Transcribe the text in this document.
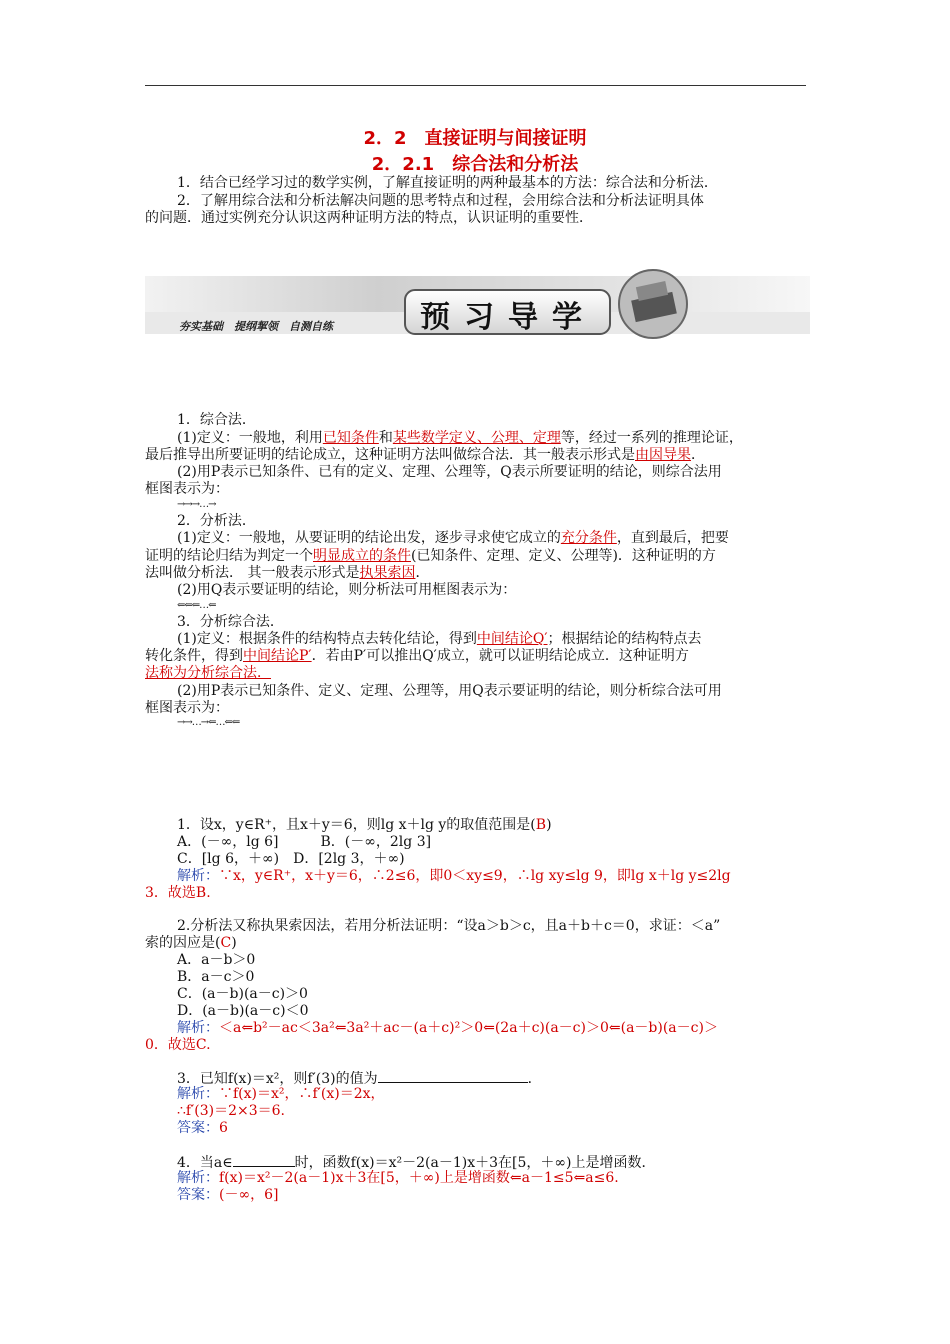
2．2　直接证明与间接证明
2．2.1　综合法和分析法
1．结合已经学习过的数学实例，了解直接证明的两种最基本的方法：综合法和分析法．
2．了解用综合法和分析法解决问题的思考特点和过程，会用综合法和分析法证明具体
的问题．通过实例充分认识这两种证明方法的特点，认识证明的重要性．
夯实基础　提纲挈领　自测自练	预习导学
1．综合法．
(1)定义：一般地，利用已知条件和某些数学定义、公理、定理等，经过一系列的推理论证，
最后推导出所要证明的结论成立，这种证明方法叫做综合法．其一般表示形式是由因导果．
(2)用P表示已知条件、已有的定义、定理、公理等，Q表示所要证明的结论，则综合法用
框图表示为：
→→→…→
2．分析法．
(1)定义：一般地，从要证明的结论出发，逐步寻求使它成立的充分条件，直到最后，把要
证明的结论归结为判定一个明显成立的条件(已知条件、定理、定义、公理等)．这种证明的方
法叫做分析法． 其一般表示形式是执果索因．
(2)用Q表示要证明的结论，则分析法可用框图表示为：
⇐⇐⇐…⇐
3．分析综合法．
(1)定义：根据条件的结构特点去转化结论，得到中间结论Q′；根据结论的结构特点去
转化条件，得到中间结论P′．若由P′可以推出Q′成立，就可以证明结论成立．这种证明方
法称为分析综合法．
(2)用P表示已知条件、定义、定理、公理等，用Q表示要证明的结论，则分析综合法可用
框图表示为：
→→…→⇐…⇐⇐
1．设x，y∈R⁺，且x＋y＝6，则lg x＋lg y的取值范围是(B)
A．(－∞，lg 6]　　　B．(－∞，2lg 3]
C．[lg 6，＋∞)　D．[2lg 3，＋∞)
解析：∵x，y∈R⁺，x＋y＝6，∴2≤6，即0＜xy≤9，∴lg xy≤lg 9，即lg x＋lg y≤2lg
3．故选B.
2.分析法又称执果索因法，若用分析法证明：“设a＞b＞c，且a＋b＋c＝0，求证：＜a”
索的因应是(C)
A．a－b＞0
B．a－c＞0
C．(a－b)(a－c)＞0
D．(a－b)(a－c)＜0
解析：＜a⇐b²－ac＜3a²⇐3a²＋ac－(a＋c)²＞0⇐(2a＋c)(a－c)＞0⇐(a－b)(a－c)＞
0．故选C.
3．已知f(x)＝x²，则f′(3)的值为	．
解析：∵f(x)＝x²，∴f′(x)＝2x，
∴f′(3)＝2×3＝6.
答案：6
4．当a∈	时，函数f(x)＝x²－2(a－1)x＋3在[5，＋∞)上是增函数．
解析：f(x)＝x²－2(a－1)x＋3在[5，＋∞)上是增函数⇐a－1≤5⇐a≤6.
答案：(－∞，6]
